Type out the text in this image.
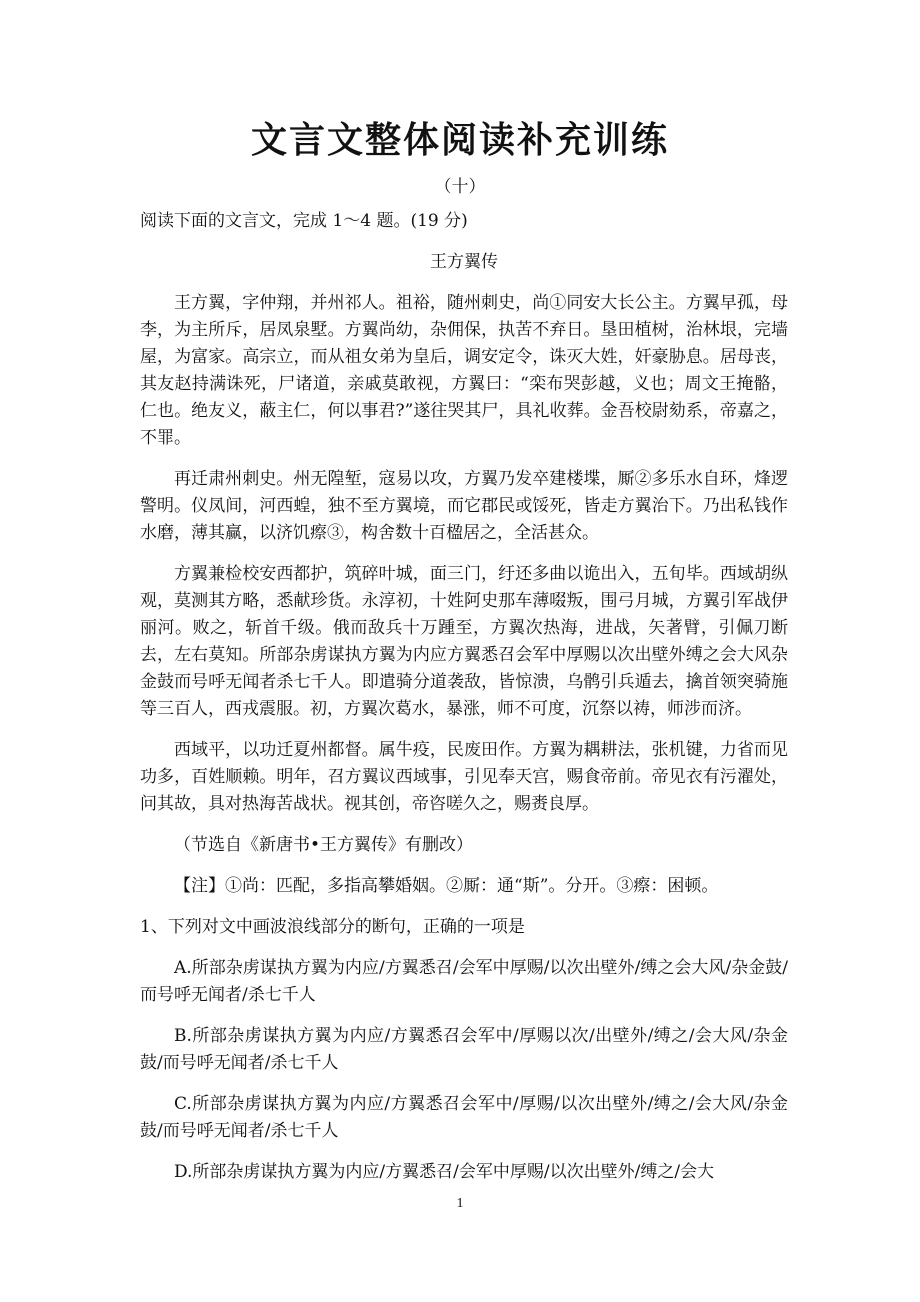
文言文整体阅读补充训练
（十）

阅读下面的文言文，完成 1～4 题。(19 分)

王方翼传

王方翼，字仲翔，并州祁人。祖裕，随州刺史，尚①同安大长公主。方翼早孤，母李，为主所斥，居凤泉墅。方翼尚幼，杂佣保，执苦不弃日。垦田植树，治林垠，完墙屋，为富家。高宗立，而从祖女弟为皇后，调安定令，诛灭大姓，奸豪胁息。居母丧，其友赵持满诛死，尸诸道，亲戚莫敢视，方翼曰：“栾布哭彭越，义也；周文王掩骼，仁也。绝友义，蔽主仁，何以事君?”遂往哭其尸，具礼收葬。金吾校尉劾系，帝嘉之，不罪。

再迁肃州刺史。州无隍堑，寇易以攻，方翼乃发卒建楼堞，厮②多乐水自环，烽逻警明。仪凤间，河西蝗，独不至方翼境，而它郡民或馁死，皆走方翼治下。乃出私钱作水磨，薄其赢，以济饥瘵③，构舍数十百楹居之，全活甚众。

方翼兼检校安西都护，筑碎叶城，面三门，纡还多曲以诡出入，五旬毕。西域胡纵观，莫测其方略，悉献珍货。永淳初，十姓阿史那车薄啜叛，围弓月城，方翼引军战伊丽河。败之，斩首千级。俄而敌兵十万踵至，方翼次热海，进战，矢著臂，引佩刀断去，左右莫知。所部杂虏谋执方翼为内应方翼悉召会军中厚赐以次出壁外缚之会大风杂金鼓而号呼无闻者杀七千人。即遣骑分道袭敌，皆惊溃，乌鹘引兵遁去，擒首领突骑施等三百人，西戎震服。初，方翼次葛水，暴涨，师不可度，沉祭以祷，师涉而济。

西域平，以功迁夏州都督。属牛疫，民废田作。方翼为耦耕法，张机键，力省而见功多，百姓顺赖。明年，召方翼议西域事，引见奉天宫，赐食帝前。帝见衣有污濯处，问其故，具对热海苦战状。视其创，帝咨嗟久之，赐赉良厚。

（节选自《新唐书•王方翼传》有删改）

【注】①尚：匹配，多指高攀婚姻。②厮：通“斯”。分开。③瘵：困顿。

1、下列对文中画波浪线部分的断句，正确的一项是

A.所部杂虏谋执方翼为内应/方翼悉召/会军中厚赐/以次出壁外/缚之会大风/杂金鼓/而号呼无闻者/杀七千人

B.所部杂虏谋执方翼为内应/方翼悉召会军中/厚赐以次/出壁外/缚之/会大风/杂金鼓/而号呼无闻者/杀七千人

C.所部杂虏谋执方翼为内应/方翼悉召会军中/厚赐/以次出壁外/缚之/会大风/杂金鼓/而号呼无闻者/杀七千人

D.所部杂虏谋执方翼为内应/方翼悉召/会军中厚赐/以次出壁外/缚之/会大

1
